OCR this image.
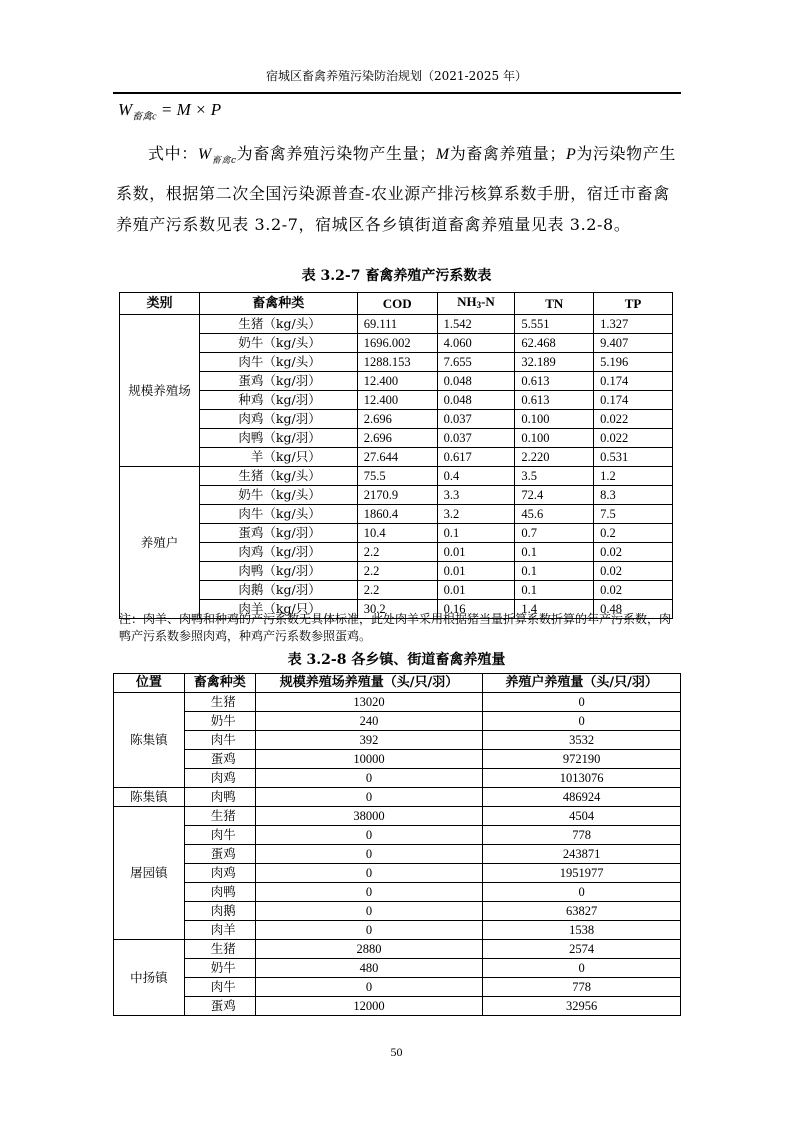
宿城区畜禽养殖污染防治规划（2021-2025 年）
$W_{畜禽c} = M \times P$

式中：$W_{畜禽c}$为畜禽养殖污染物产生量；M为畜禽养殖量；P为污染物产生系数，根据第二次全国污染源普查-农业源产排污核算系数手册，宿迁市畜禽养殖产污系数见表 3.2-7，宿城区各乡镇街道畜禽养殖量见表 3.2-8。

表 3.2-7 畜禽养殖产污系数表
类别	畜禽种类	COD	NH3-N	TN	TP
规模养殖场	生猪（kg/头）	69.111	1.542	5.551	1.327
	奶牛（kg/头）	1696.002	4.060	62.468	9.407
	肉牛（kg/头）	1288.153	7.655	32.189	5.196
	蛋鸡（kg/羽）	12.400	0.048	0.613	0.174
	种鸡（kg/羽）	12.400	0.048	0.613	0.174
	肉鸡（kg/羽）	2.696	0.037	0.100	0.022
	肉鸭（kg/羽）	2.696	0.037	0.100	0.022
	羊（kg/只）	27.644	0.617	2.220	0.531
养殖户	生猪（kg/头）	75.5	0.4	3.5	1.2
	奶牛（kg/头）	2170.9	3.3	72.4	8.3
	肉牛（kg/头）	1860.4	3.2	45.6	7.5
	蛋鸡（kg/羽）	10.4	0.1	0.7	0.2
	肉鸡（kg/羽）	2.2	0.01	0.1	0.02
	肉鸭（kg/羽）	2.2	0.01	0.1	0.02
	肉鹅（kg/羽）	2.2	0.01	0.1	0.02
	肉羊（kg/只）	30.2	0.16	1.4	0.48
注：肉羊、肉鸭和种鸡的产污系数无具体标准，此处肉羊采用根据猪当量折算系数折算的年产污系数，肉鸭产污系数参照肉鸡，种鸡产污系数参照蛋鸡。
表 3.2-8 各乡镇、街道畜禽养殖量
位置	畜禽种类	规模养殖场养殖量（头/只/羽）	养殖户养殖量（头/只/羽）
陈集镇	生猪	13020	0
	奶牛	240	0
	肉牛	392	3532
	蛋鸡	10000	972190
	肉鸡	0	1013076
陈集镇	肉鸭	0	486924
屠园镇	生猪	38000	4504
	肉牛	0	778
	蛋鸡	0	243871
	肉鸡	0	1951977
	肉鸭	0	0
	肉鹅	0	63827
	肉羊	0	1538
中扬镇	生猪	2880	2574
	奶牛	480	0
	肉牛	0	778
	蛋鸡	12000	32956
50
